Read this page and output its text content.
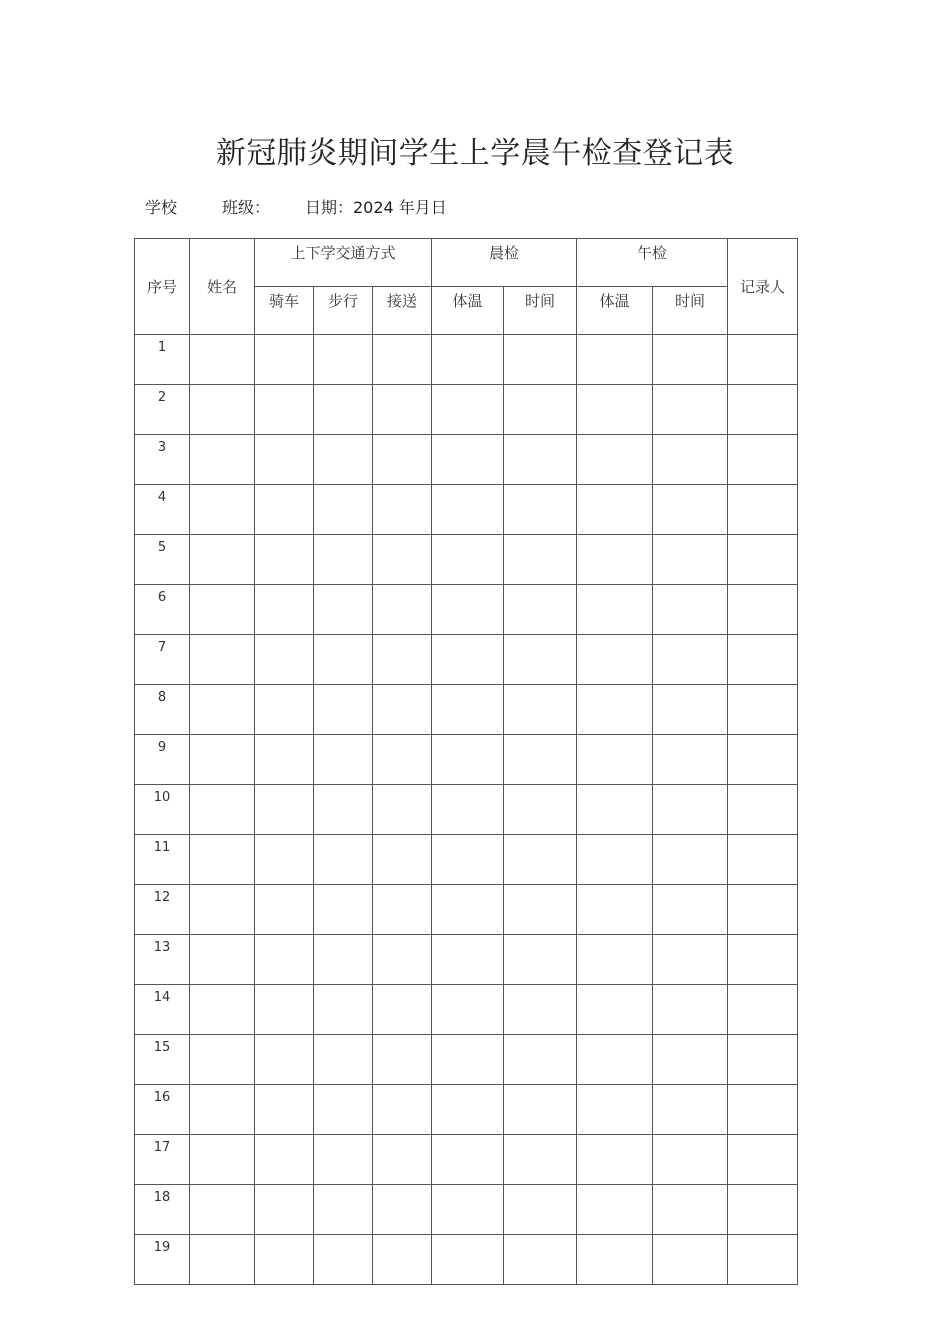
新冠肺炎期间学生上学晨午检查登记表
学校	班级： 日期：2024 年月日
序号	姓名	上下学交通方式			晨检		午检		记录人
		骑车	步行	接送	体温	时间	体温	时间	
1									
2									
3									
4									
5									
6									
7									
8									
9									
10									
11									
12									
13									
14									
15									
16									
17									
18									
19									
